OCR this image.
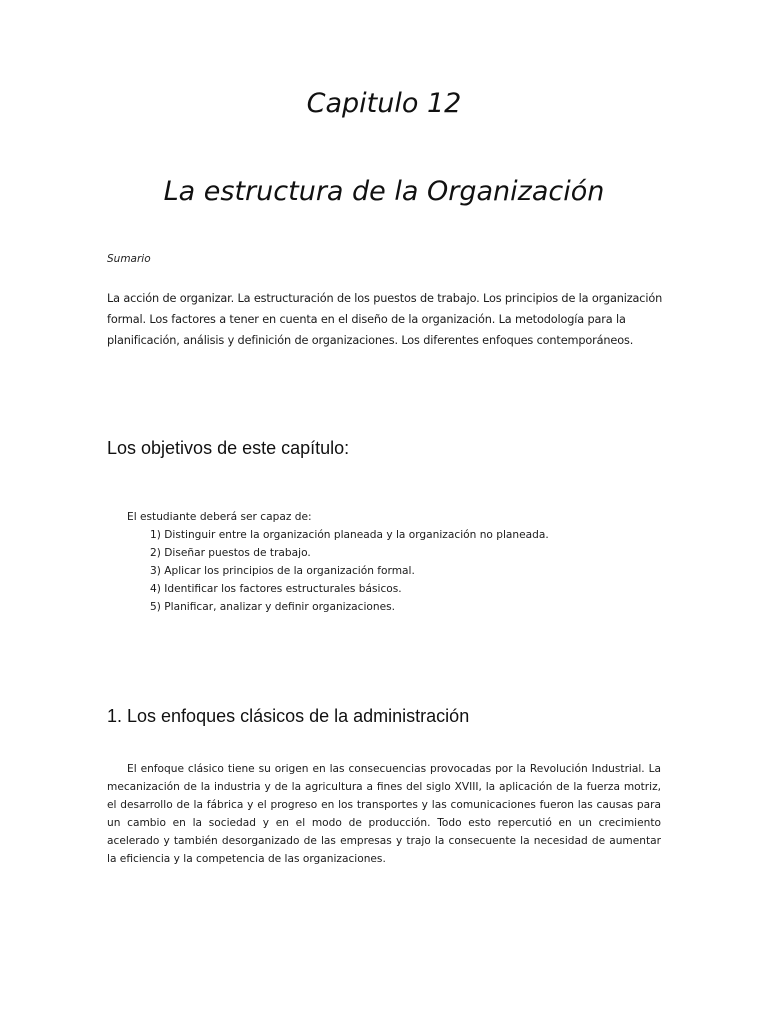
Capitulo 12
La estructura de la Organización
Sumario
La acción de organizar. La estructuración de los puestos de trabajo. Los principios de la organización formal. Los factores a tener en cuenta en el diseño de la organización. La metodología para la planificación, análisis y definición de organizaciones. Los diferentes enfoques contemporáneos.
Los objetivos de este capítulo:
El estudiante deberá ser capaz de:
1) Distinguir entre la organización planeada y la organización no planeada.
2) Diseñar puestos de trabajo.
3) Aplicar los principios de la organización formal.
4) Identificar los factores estructurales básicos.
5) Planificar, analizar y definir organizaciones.
1. Los enfoques clásicos de la administración

El enfoque clásico tiene su origen en las consecuencias provocadas por la Revolución Industrial. La mecanización de la industria y de la agricultura a fines del siglo XVIII, la aplicación de la fuerza motriz, el desarrollo de la fábrica y el progreso en los transportes y las comunicaciones fueron las causas para un cambio en la sociedad y en el modo de producción. Todo esto repercutió en un crecimiento acelerado y también desorganizado de las empresas y trajo la consecuente la necesidad de aumentar la eficiencia y la competencia de las organizaciones.
